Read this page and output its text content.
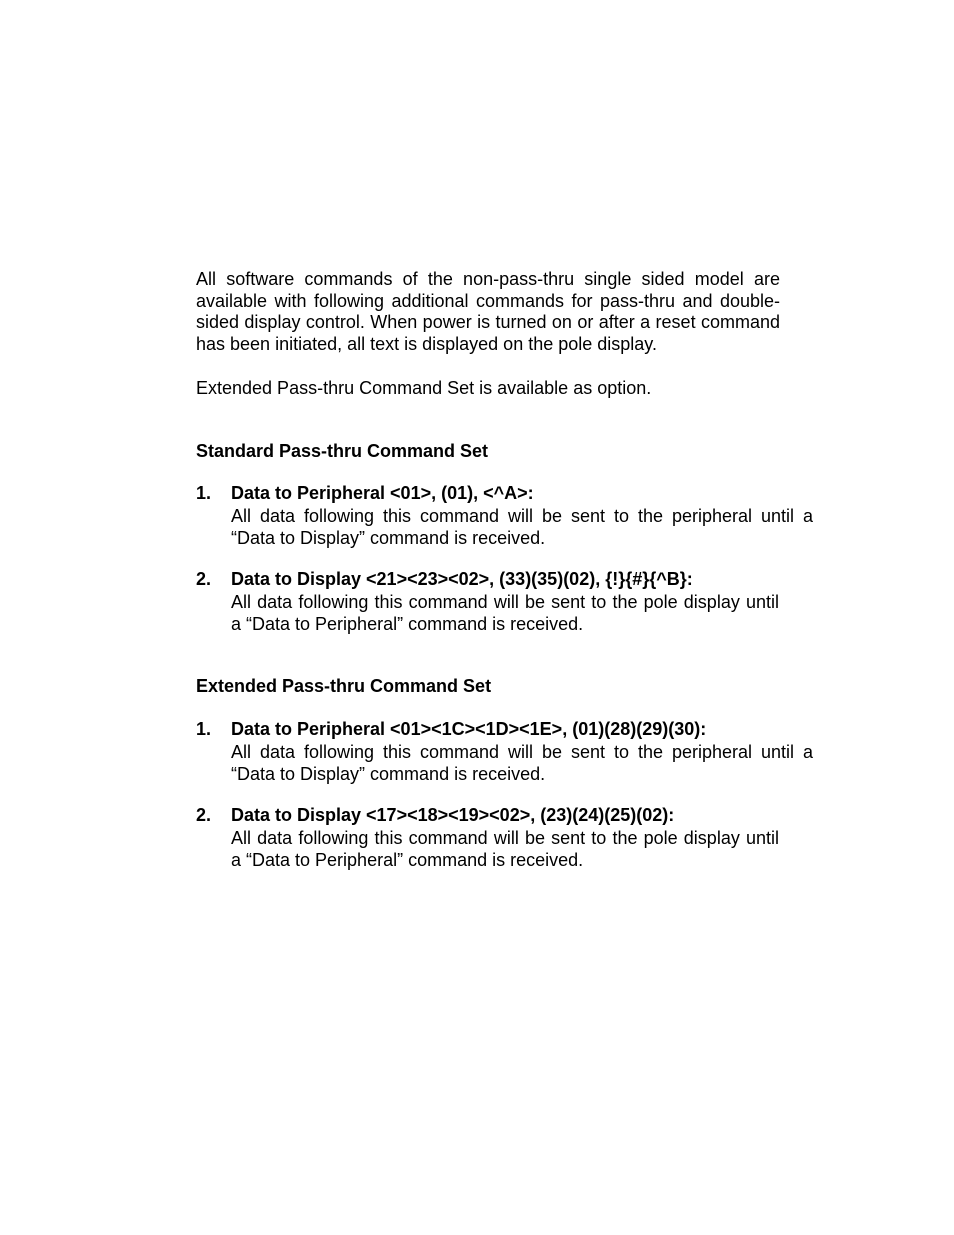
All software commands of the non-pass-thru single sided model are available with following additional commands for pass-thru and double-sided display control. When power is turned on or after a reset command has been initiated, all text is displayed on the pole display.

Extended Pass-thru Command Set is available as option.

Standard Pass-thru Command Set
1. Data to Peripheral <01>, (01), <^A>:

All data following this command will be sent to the peripheral until a “Data to Display” command is received.

2. Data to Display <21><23><02>, (33)(35)(02), {!}{#}{^B}:

All data following this command will be sent to the pole display until a “Data to Peripheral” command is received.

Extended Pass-thru Command Set
1. Data to Peripheral <01><1C><1D><1E>, (01)(28)(29)(30):

All data following this command will be sent to the peripheral until a “Data to Display” command is received.

2. Data to Display <17><18><19><02>, (23)(24)(25)(02):

All data following this command will be sent to the pole display until a “Data to Peripheral” command is received.
